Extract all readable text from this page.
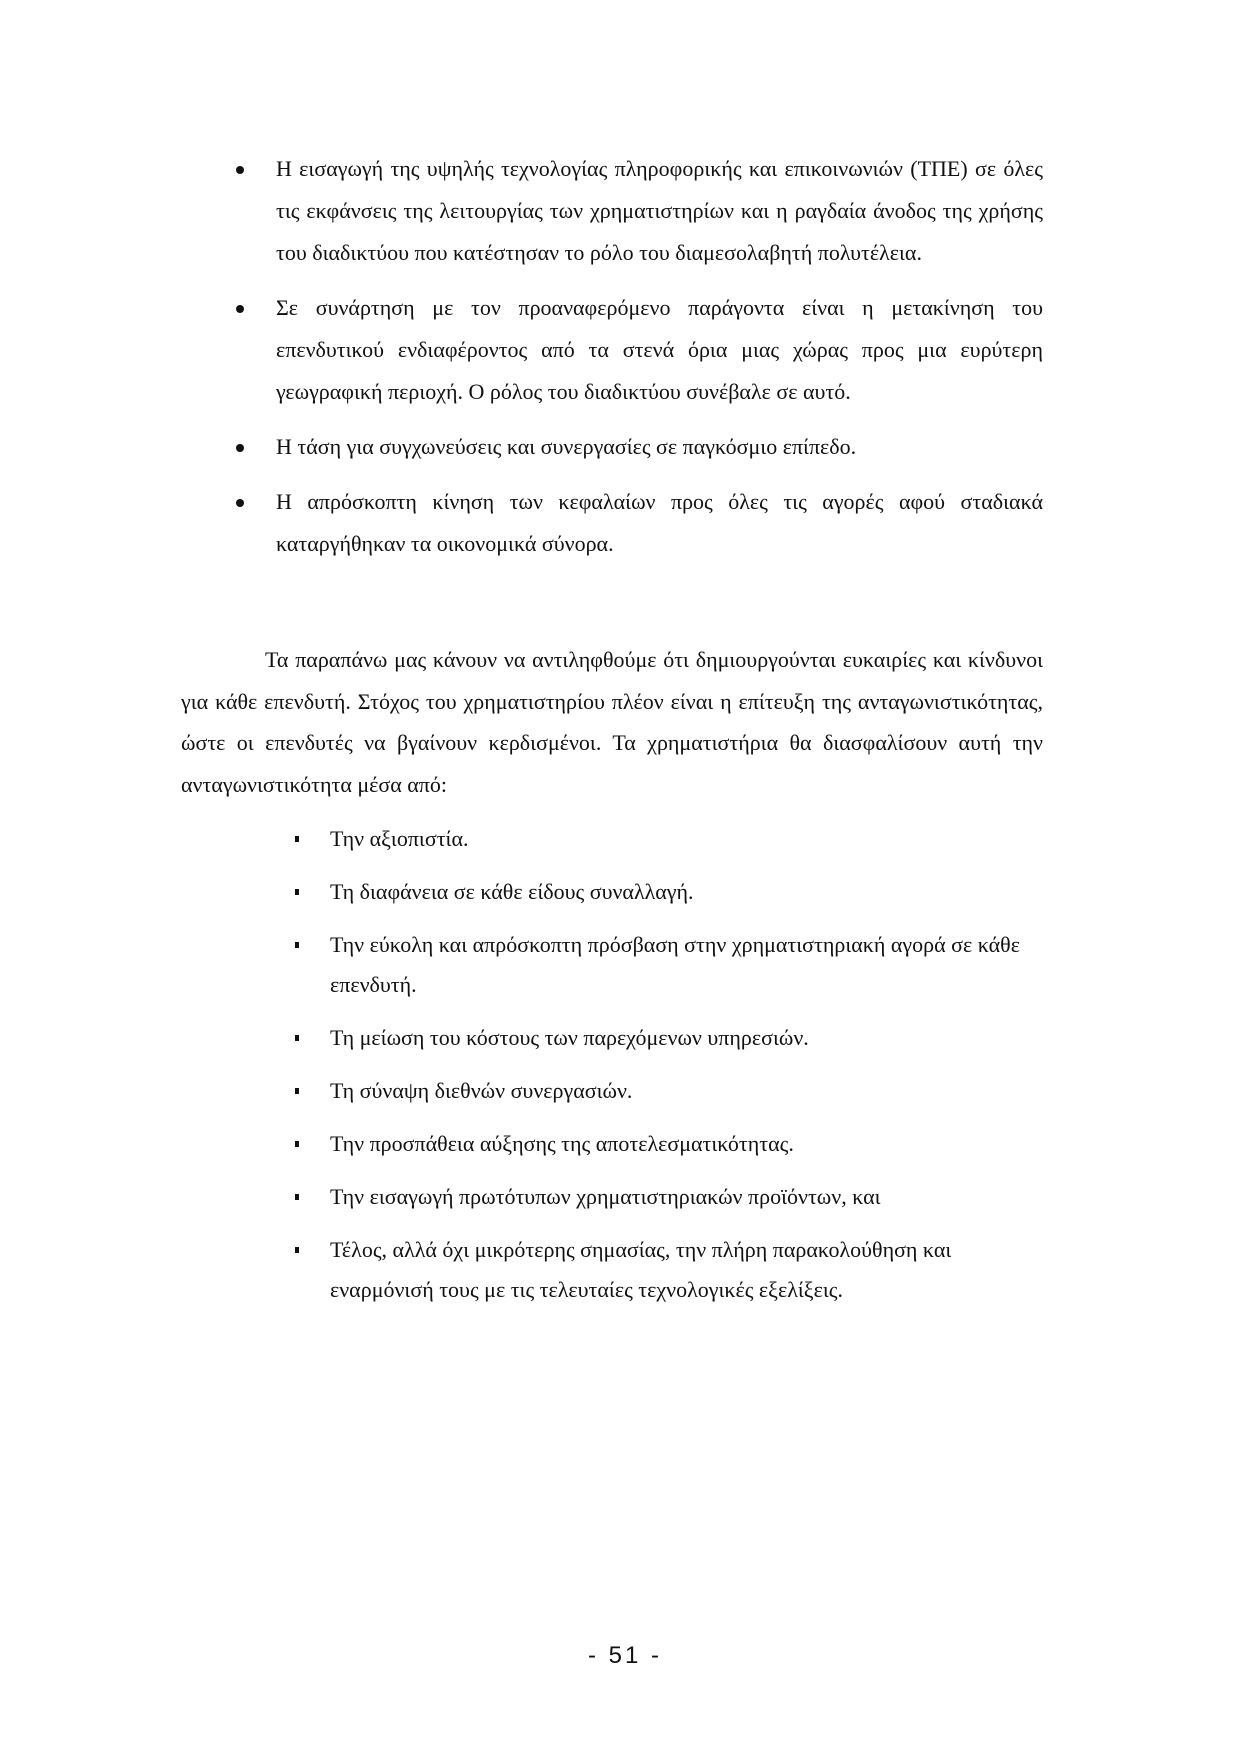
Η εισαγωγή της υψηλής τεχνολογίας πληροφορικής και επικοινωνιών (ΤΠΕ) σε όλες τις εκφάνσεις της λειτουργίας των χρηματιστηρίων και η ραγδαία άνοδος της χρήσης του διαδικτύου που κατέστησαν το ρόλο του διαμεσολαβητή πολυτέλεια.
Σε συνάρτηση με τον προαναφερόμενο παράγοντα είναι η μετακίνηση του επενδυτικού ενδιαφέροντος από τα στενά όρια μιας χώρας προς μια ευρύτερη γεωγραφική περιοχή. Ο ρόλος του διαδικτύου συνέβαλε σε αυτό.
Η τάση για συγχωνεύσεις και συνεργασίες σε παγκόσμιο επίπεδο.
Η απρόσκοπτη κίνηση των κεφαλαίων προς όλες τις αγορές αφού σταδιακά καταργήθηκαν τα οικονομικά σύνορα.

Τα παραπάνω μας κάνουν να αντιληφθούμε ότι δημιουργούνται ευκαιρίες και κίνδυνοι για κάθε επενδυτή. Στόχος του χρηματιστηρίου πλέον είναι η επίτευξη της ανταγωνιστικότητας, ώστε οι επενδυτές να βγαίνουν κερδισμένοι. Τα χρηματιστήρια θα διασφαλίσουν αυτή την ανταγωνιστικότητα μέσα από:

Την αξιοπιστία.
Τη διαφάνεια σε κάθε είδους συναλλαγή.
Την εύκολη και απρόσκοπτη πρόσβαση στην χρηματιστηριακή αγορά σε κάθε επενδυτή.
Τη μείωση του κόστους των παρεχόμενων υπηρεσιών.
Τη σύναψη διεθνών συνεργασιών.
Την προσπάθεια αύξησης της αποτελεσματικότητας.
Την εισαγωγή πρωτότυπων χρηματιστηριακών προϊόντων, και
Τέλος, αλλά όχι μικρότερης σημασίας, την πλήρη παρακολούθηση και εναρμόνισή τους με τις τελευταίες τεχνολογικές εξελίξεις.
- 51 -
